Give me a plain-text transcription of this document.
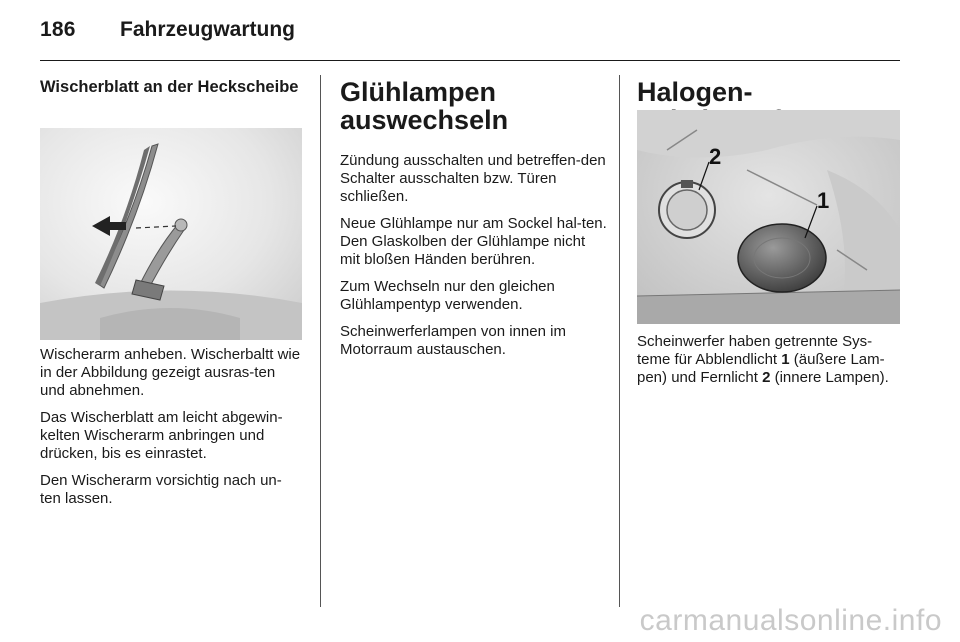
186 Fahrzeugwartung
Wischerblatt an der Heckscheibe

Wischerarm anheben. Wischerbaltt wie in der Abbildung gezeigt ausras-ten und abnehmen.

Das Wischerblatt am leicht abgewin-kelten Wischerarm anbringen und drücken, bis es einrastet.

Den Wischerarm vorsichtig nach un-ten lassen.

Glühlampen auswechseln

Zündung ausschalten und betreffen-den Schalter ausschalten bzw. Türen schließen.

Neue Glühlampe nur am Sockel hal-ten. Den Glaskolben der Glühlampe nicht mit bloßen Händen berühren.

Zum Wechseln nur den gleichen Glühlampentyp verwenden.

Scheinwerferlampen von innen im Motorraum austauschen.

Halogen-
2
1

Scheinwerfer haben getrennte Sys-teme für Abblendlicht 1 (äußere Lam-pen) und Fernlicht 2 (innere Lampen).

carmanualsonline.info
